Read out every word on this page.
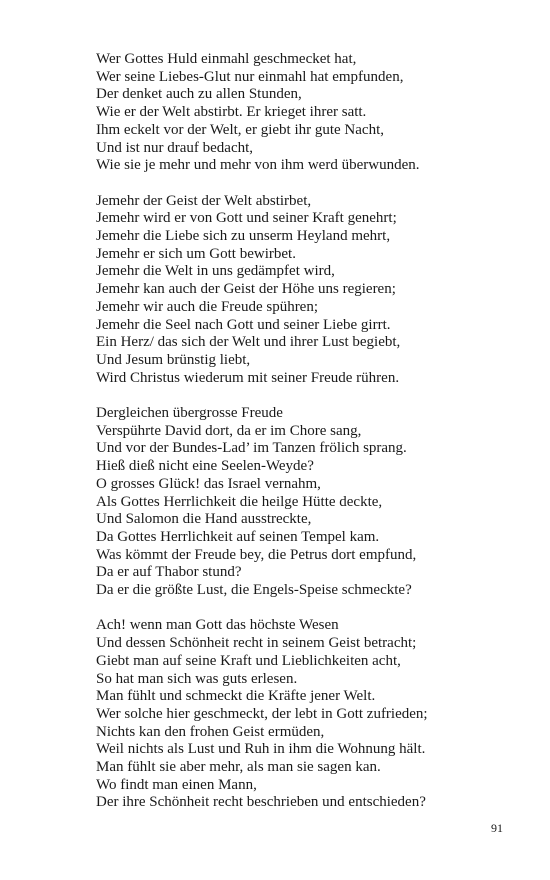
Wer Gottes Huld einmahl geschmecket hat,
Wer seine Liebes-Glut nur einmahl hat empfunden,
Der denket auch zu allen Stunden,
Wie er der Welt abstirbt. Er krieget ihrer satt.
Ihm eckelt vor der Welt, er giebt ihr gute Nacht,
Und ist nur drauf bedacht,
Wie sie je mehr und mehr von ihm werd überwunden.
Jemehr der Geist der Welt abstirbet,
Jemehr wird er von Gott und seiner Kraft genehrt;
Jemehr die Liebe sich zu unserm Heyland mehrt,
Jemehr er sich um Gott bewirbet.
Jemehr die Welt in uns gedämpfet wird,
Jemehr kan auch der Geist der Höhe uns regieren;
Jemehr wir auch die Freude spühren;
Jemehr die Seel nach Gott und seiner Liebe girrt.
Ein Herz/ das sich der Welt und ihrer Lust begiebt,
Und Jesum brünstig liebt,
Wird Christus wiederum mit seiner Freude rühren.
Dergleichen übergrosse Freude
Verspührte David dort, da er im Chore sang,
Und vor der Bundes-Lad’ im Tanzen frölich sprang.
Hieß dieß nicht eine Seelen-Weyde?
O grosses Glück! das Israel vernahm,
Als Gottes Herrlichkeit die heilge Hütte deckte,
Und Salomon die Hand ausstreckte,
Da Gottes Herrlichkeit auf seinen Tempel kam.
Was kömmt der Freude bey, die Petrus dort empfund,
Da er auf Thabor stund?
Da er die größte Lust, die Engels-Speise schmeckte?
Ach! wenn man Gott das höchste Wesen
Und dessen Schönheit recht in seinem Geist betracht;
Giebt man auf seine Kraft und Lieblichkeiten acht,
So hat man sich was guts erlesen.
Man fühlt und schmeckt die Kräfte jener Welt.
Wer solche hier geschmeckt, der lebt in Gott zufrieden;
Nichts kan den frohen Geist ermüden,
Weil nichts als Lust und Ruh in ihm die Wohnung hält.
Man fühlt sie aber mehr, als man sie sagen kan.
Wo findt man einen Mann,
Der ihre Schönheit recht beschrieben und entschieden?
91
